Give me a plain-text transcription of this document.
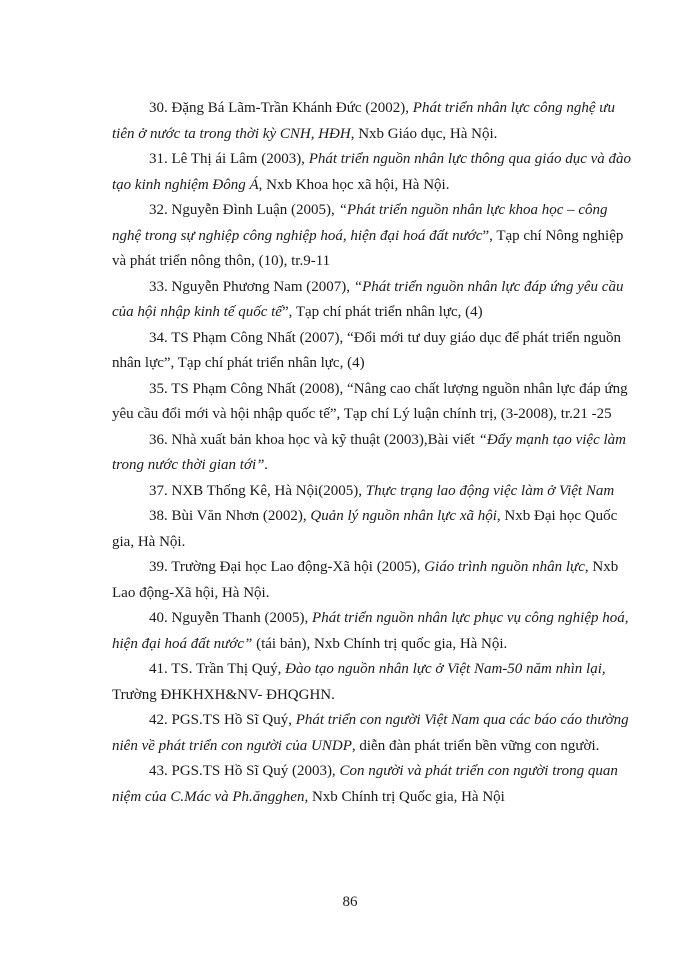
30. Đặng Bá Lãm-Trần Khánh Đức (2002), Phát triển nhân lực công nghệ ưu tiên ở nước ta trong thời kỳ CNH, HĐH, Nxb Giáo dục, Hà Nội.

31. Lê Thị ái Lâm (2003), Phát triển nguồn nhân lực thông qua giáo dục và đào tạo kinh nghiệm Đông Á, Nxb Khoa học xã hội, Hà Nội.

32. Nguyễn Đình Luận (2005), “Phát triển nguồn nhân lực khoa học – công nghệ trong sự nghiệp công nghiệp hoá, hiện đại hoá đất nước”, Tạp chí Nông nghiệp và phát triển nông thôn, (10), tr.9-11

33. Nguyễn Phương Nam (2007), “Phát triển nguồn nhân lực đáp ứng yêu cầu của hội nhập kinh tế quốc tế”, Tạp chí phát triển nhân lực, (4)

34. TS Phạm Công Nhất (2007), “Đổi mới tư duy giáo dục để phát triển nguồn nhân lực”, Tạp chí phát triển nhân lực, (4)

35. TS Phạm Công Nhất (2008), “Nâng cao chất lượng nguồn nhân lực đáp ứng yêu cầu đổi mới và hội nhập quốc tế”, Tạp chí Lý luận chính trị, (3-2008), tr.21 -25

36. Nhà xuất bản khoa học và kỹ thuật (2003),Bài viết “Đẩy mạnh tạo việc làm trong nước thời gian tới”.

37. NXB Thống Kê, Hà Nội(2005), Thực trạng lao động việc làm ở Việt Nam

38. Bùi Văn Nhơn (2002), Quản lý nguồn nhân lực xã hội, Nxb Đại học Quốc gia, Hà Nội.

39. Trường Đại học Lao động-Xã hội (2005), Giáo trình nguồn nhân lực, Nxb Lao động-Xã hội, Hà Nội.

40. Nguyễn Thanh (2005), Phát triển nguồn nhân lực phục vụ công nghiệp hoá, hiện đại hoá đất nước” (tái bản), Nxb Chính trị quốc gia, Hà Nội.

41. TS. Trần Thị Quý, Đào tạo nguồn nhân lực ở Việt Nam-50 năm nhìn lại, Trường ĐHKHXH&NV- ĐHQGHN.

42. PGS.TS Hồ Sĩ Quý, Phát triển con người Việt Nam qua các báo cáo thường niên về phát triển con người của UNDP, diễn đàn phát triển bền vững con người.

43. PGS.TS Hồ Sĩ Quý (2003), Con người và phát triển con người trong quan niệm của C.Mác và Ph.ăngghen, Nxb Chính trị Quốc gia, Hà Nội

86
